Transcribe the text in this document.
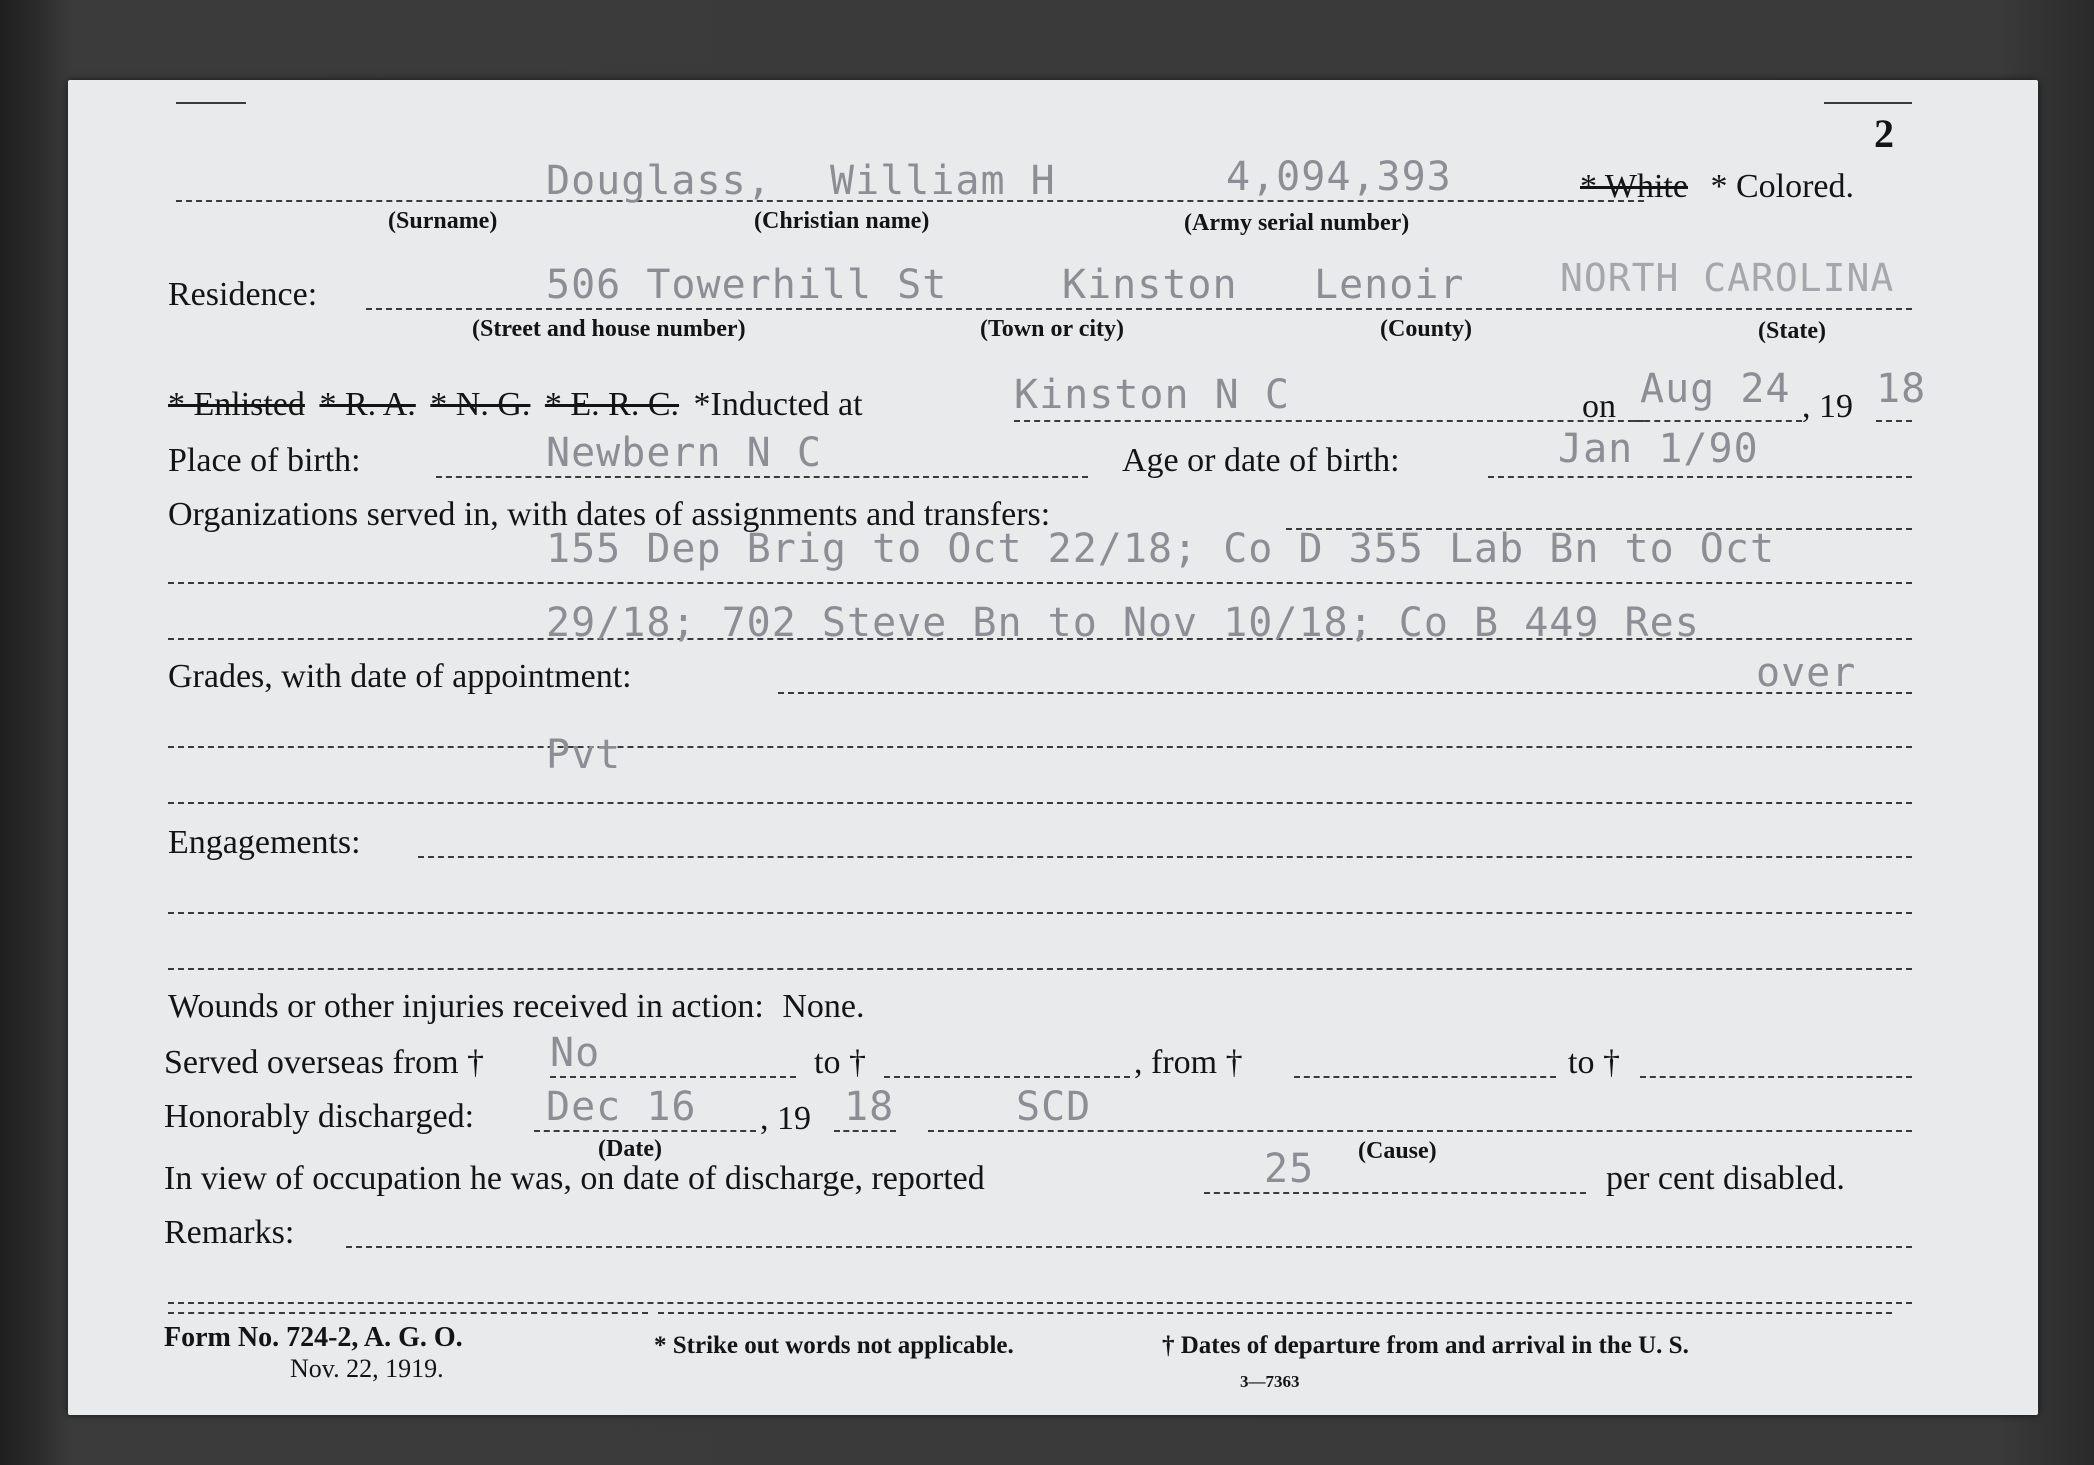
2
Douglass, William H	4,094,393	* White * Colored.
(Surname)	(Christian name)	(Army serial number)
Residence:	506 Towerhill St	Kinston Lenoir	NORTH CAROLINA
(Street and house number)	(Town or city)	(County)	(State)
* Enlisted * R. A. * N. G. * E. R. C. *Inducted at	Kinston N C	on Aug 24 , 19 18
Place of birth:	Newbern N C	Age or date of birth:	Jan 1/90
Organizations served in, with dates of assignments and transfers:
155 Dep Brig to Oct 22/18; Co D 355 Lab Bn to Oct
29/18; 702 Steve Bn to Nov 10/18; Co B 449 Res
Grades, with date of appointment:	over
Pvt
Engagements:
Wounds or other injuries received in action: None.
Served overseas from † No	to †	, from †	to †
Honorably discharged: Dec 16 , 19 18	SCD
(Date)	(Cause)
In view of occupation he was, on date of discharge, reported	25	per cent disabled.
Remarks:
Form No. 724-2, A. G. O.
Nov. 22, 1919.
* Strike out words not applicable.	† Dates of departure from and arrival in the U. S.
3—7363
